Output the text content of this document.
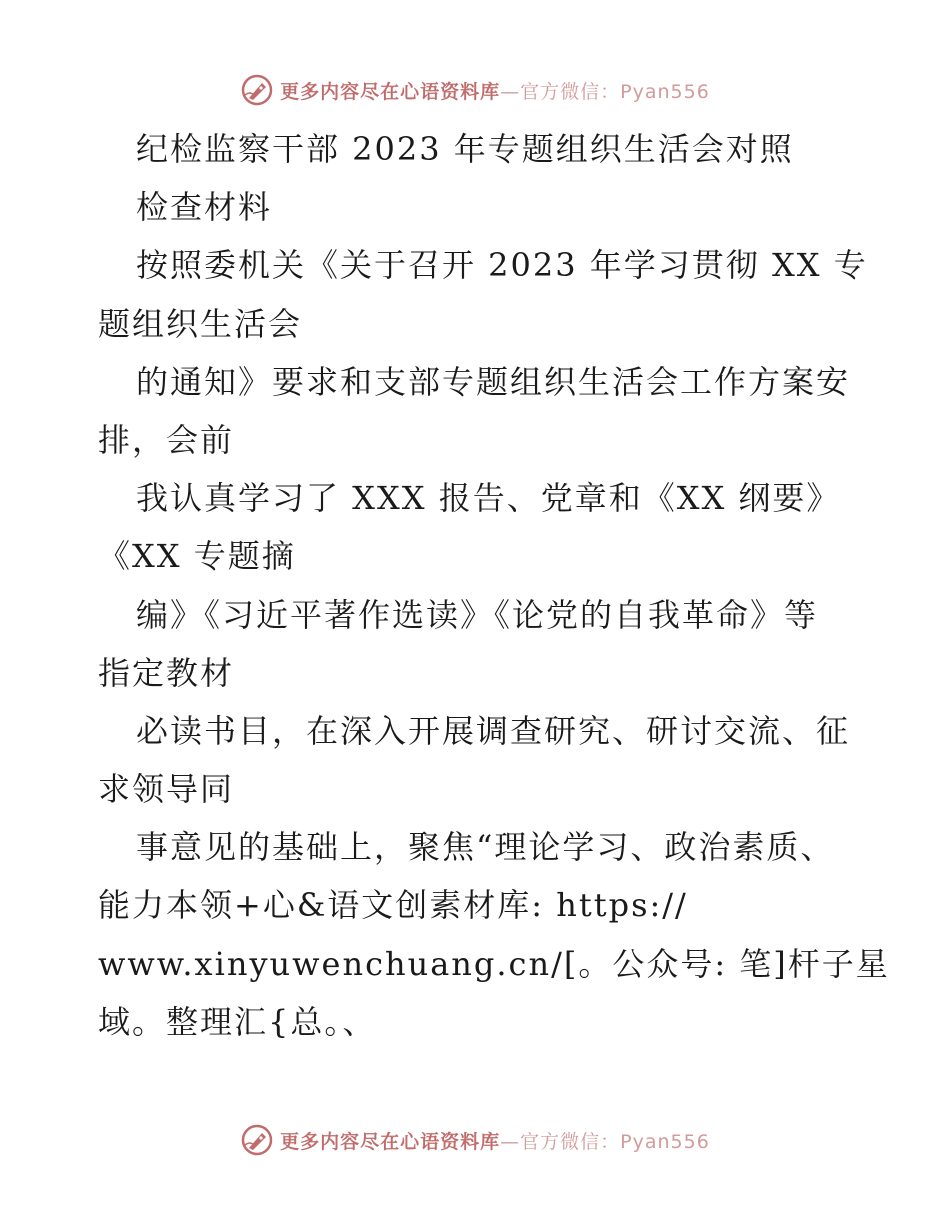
更多内容尽在心语资料库—官方微信：Pyan556
纪检监察干部 2023 年专题组织生活会对照
检查材料
按照委机关《关于召开 2023 年学习贯彻 XX 专
题组织生活会
的通知》要求和支部专题组织生活会工作方案安
排，会前
我认真学习了 XXX 报告、党章和《XX 纲要》
《XX 专题摘
编》《习近平著作选读》《论党的自我革命》等
指定教材
必读书目，在深入开展调查研究、研讨交流、征
求领导同
事意见的基础上，聚焦“理论学习、政治素质、
能力本领+心&语文创素材库: https://
www.xinyuwenchuang.cn/[。公众号: 笔]杆子星
域。整理汇{总。、
更多内容尽在心语资料库—官方微信：Pyan556
